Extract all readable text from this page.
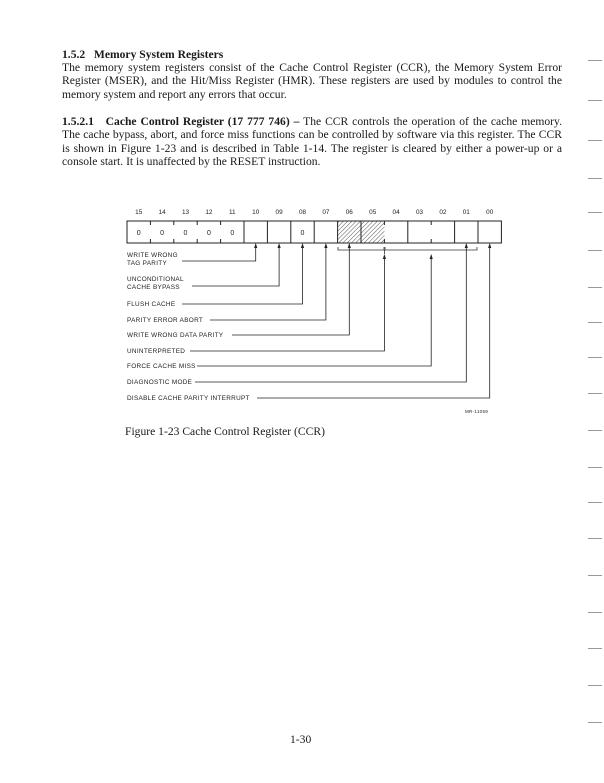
1.5.2 Memory System Registers
The memory system registers consist of the Cache Control Register (CCR), the Memory System Error Register (MSER), and the Hit/Miss Register (HMR). These registers are used by modules to control the memory system and report any errors that occur.
1.5.2.1 Cache Control Register (17 777 746) – The CCR controls the operation of the cache memory. The cache bypass, abort, and force miss functions can be controlled by software via this register. The CCR is shown in Figure 1-23 and is described in Table 1-14. The register is cleared by either a power-up or a console start. It is unaffected by the RESET instruction.
15	14	13	12	11	10	09	08	07	06	05	04	03	02	01	00
0	0	0	0	0	0
WRITE WRONG
TAG PARITY
UNCONDITIONAL
CACHE BYPASS
FLUSH CACHE
PARITY ERROR ABORT
WRITE WRONG DATA PARITY
UNINTERPRETED
FORCE CACHE MISS
DIAGNOSTIC MODE
DISABLE CACHE PARITY INTERRUPT
MR-11059
Figure 1-23 Cache Control Register (CCR)
1-30
